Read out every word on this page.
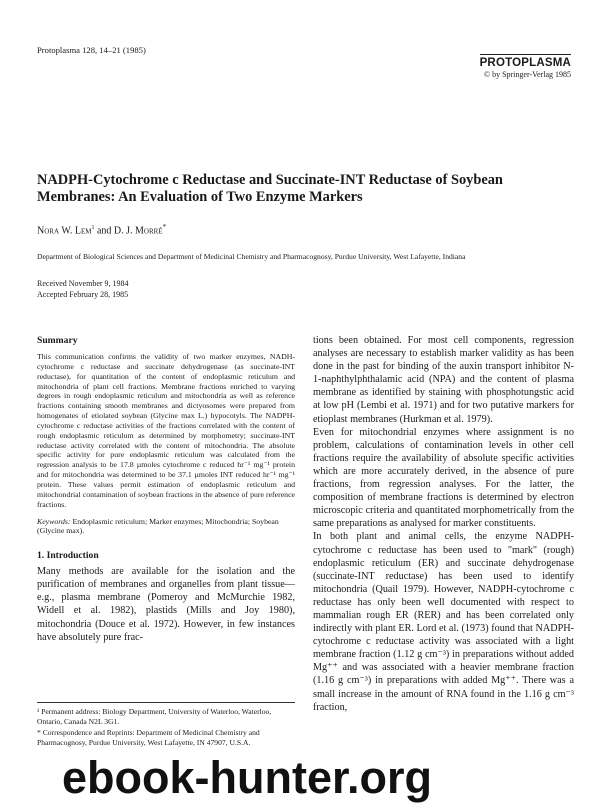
Protoplasma 128, 14–21 (1985)
PROTOPLASMA
© by Springer-Verlag 1985
NADPH-Cytochrome c Reductase and Succinate-INT Reductase of Soybean Membranes: An Evaluation of Two Enzyme Markers
Nora W. Lem$^1$ and D. J. Morré*
Department of Biological Sciences and Department of Medicinal Chemistry and Pharmacognosy, Purdue University, West Lafayette, Indiana
Received November 9, 1984
Accepted February 28, 1985
Summary

This communication confirms the validity of two marker enzymes, NADH-cytochrome c reductase and succinate dehydrogenase (as succinate-INT reductase), for quantitation of the content of endoplasmic reticulum and mitochondria of plant cell fractions. Membrane fractions enriched to varying degrees in rough endoplasmic reticulum and mitochondria as well as reference fractions containing smooth membranes and dictyosomes were prepared from homogenates of etiolated soybean (Glycine max L.) hypocotyls. The NADPH-cytochrome c reductase activities of the fractions correlated with the content of rough endoplasmic reticulum as determined by morphometry; succinate-INT reductase activity correlated with the content of mitochondria. The absolute specific activity for pure endoplasmic reticulum was calculated from the regression analysis to be 17.8 µmoles cytochrome c reduced hr⁻¹ mg⁻¹ protein and for mitochondria was determined to be 37.1 µmoles INT reduced hr⁻¹ mg⁻¹ protein. These values permit estimation of endoplasmic reticulum and mitochondrial contamination of soybean fractions in the absence of pure reference fractions.

Keywords: Endoplasmic reticulum; Marker enzymes; Mitochondria; Soybean (Glycine max).
1. Introduction

Many methods are available for the isolation and the purification of membranes and organelles from plant tissue—e.g., plasma membrane (Pomeroy and McMurchie 1982, Widell et al. 1982), plastids (Mills and Joy 1980), mitochondria (Douce et al. 1972). However, in few instances have absolutely pure frac-

tions been obtained. For most cell components, regression analyses are necessary to establish marker validity as has been done in the past for binding of the auxin transport inhibitor N-1-naphthylphthalamic acid (NPA) and the content of plasma membrane as identified by staining with phosphotungstic acid at low pH (Lembi et al. 1971) and for two putative markers for etioplast membranes (Hurkman et al. 1979).

Even for mitochondrial enzymes where assignment is no problem, calculations of contamination levels in other cell fractions require the availability of absolute specific activities which are more accurately derived, in the absence of pure fractions, from regression analyses. For the latter, the composition of membrane fractions is determined by electron microscopic criteria and quantitated morphometrically from the same preparations as analysed for marker constituents.

In both plant and animal cells, the enzyme NADPH-cytochrome c reductase has been used to "mark" (rough) endoplasmic reticulum (ER) and succinate dehydrogenase (succinate-INT reductase) has been used to identify mitochondria (Quail 1979). However, NADPH-cytochrome c reductase has only been well documented with respect to mammalian rough ER (RER) and has been correlated only indirectly with plant ER. Lord et al. (1973) found that NADPH-cytochrome c reductase activity was associated with a light membrane fraction (1.12 g cm⁻³) in preparations without added Mg⁺⁺ and was associated with a heavier membrane fraction (1.16 g cm⁻³) in preparations with added Mg⁺⁺. There was a small increase in the amount of RNA found in the 1.16 g cm⁻³ fraction,

¹ Permanent address: Biology Department, University of Waterloo, Waterloo, Ontario, Canada N2L 3G1.

* Correspondence and Reprints: Department of Medicinal Chemistry and Pharmacognosy, Purdue University, West Lafayette, IN 47907, U.S.A.

ebook-hunter.org
